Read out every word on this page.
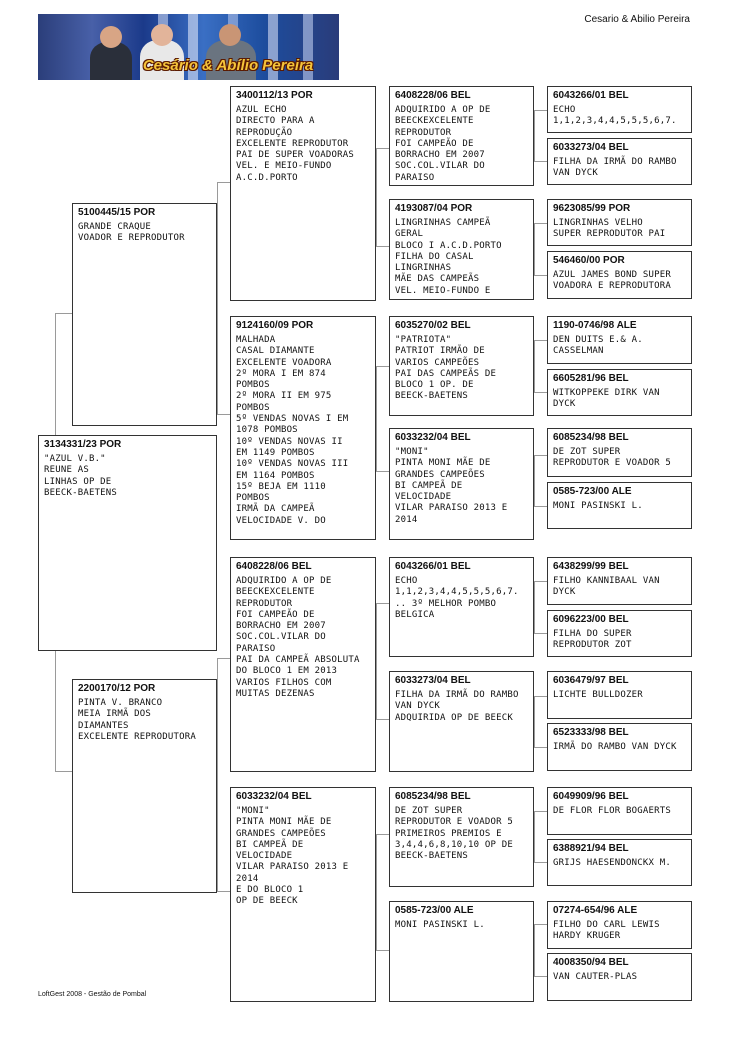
Cesário & Abílio Pereira
Cesario & Abilio Pereira
3134331/23 POR
"AZUL V.B."
REUNE AS
LINHAS OP DE
BEECK-BAETENS
5100445/15 POR
GRANDE CRAQUE
VOADOR E REPRODUTOR
2200170/12 POR
PINTA V. BRANCO
MEIA IRMÃ DOS
DIAMANTES
EXCELENTE REPRODUTORA
3400112/13 POR
AZUL ECHO
DIRECTO PARA A
REPRODUÇÃO
EXCELENTE REPRODUTOR
PAI DE SUPER VOADORAS
VEL. E MEIO-FUNDO
A.C.D.PORTO
9124160/09 POR
MALHADA
CASAL DIAMANTE
EXCELENTE VOADORA
2º MORA I EM 874
POMBOS
2º MORA II EM 975
POMBOS
5º VENDAS NOVAS I EM
1078 POMBOS
10º VENDAS NOVAS II
EM 1149 POMBOS
10º VENDAS NOVAS III
EM 1164 POMBOS
15º BEJA EM 1110
POMBOS
IRMÃ DA CAMPEÃ
VELOCIDADE V. DO
6408228/06 BEL
ADQUIRIDO A OP DE
BEECKEXCELENTE
REPRODUTOR
FOI CAMPEÃO DE
BORRACHO EM 2007
SOC.COL.VILAR DO
PARAISO
PAI DA CAMPEÃ ABSOLUTA
DO BLOCO 1 EM 2013
VARIOS FILHOS COM
MUITAS DEZENAS
6033232/04 BEL
"MONI"
PINTA MONI MÃE DE
GRANDES CAMPEÕES
BI CAMPEÃ DE
VELOCIDADE
VILAR PARAISO 2013 E
2014
E DO BLOCO 1
OP DE BEECK
6408228/06 BEL
ADQUIRIDO A OP DE
BEECKEXCELENTE
REPRODUTOR
FOI CAMPEÃO DE
BORRACHO EM 2007
SOC.COL.VILAR DO
PARAISO
4193087/04 POR
LINGRINHAS CAMPEÃ
GERAL
BLOCO I A.C.D.PORTO
FILHA DO CASAL
LINGRINHAS
MÃE DAS CAMPEÃS
VEL. MEIO-FUNDO E
6035270/02 BEL
"PATRIOTA"
PATRIOT IRMÃO DE
VARIOS CAMPEÕES
PAI DAS CAMPEÃS DE
BLOCO 1 OP. DE
BEECK-BAETENS
6033232/04 BEL
"MONI"
PINTA MONI MÃE DE
GRANDES CAMPEÕES
BI CAMPEÃ DE
VELOCIDADE
VILAR PARAISO 2013 E
2014
6043266/01 BEL
ECHO
1,1,2,3,4,4,5,5,5,6,7.
.. 3º MELHOR POMBO
BELGICA
6033273/04 BEL
FILHA DA IRMÃ DO RAMBO
VAN DYCK
ADQUIRIDA OP DE BEECK
6085234/98 BEL
DE ZOT SUPER
REPRODUTOR E VOADOR 5
PRIMEIROS PREMIOS E
3,4,4,6,8,10,10 OP DE
BEECK-BAETENS
0585-723/00 ALE
MONI PASINSKI L.
6043266/01 BEL
ECHO
1,1,2,3,4,4,5,5,5,6,7.
6033273/04 BEL
FILHA DA IRMÃ DO RAMBO
VAN DYCK
9623085/99 POR
LINGRINHAS VELHO
SUPER REPRODUTOR PAI
546460/00 POR
AZUL JAMES BOND SUPER
VOADORA E REPRODUTORA
1190-0746/98 ALE
DEN DUITS E.& A.
CASSELMAN
6605281/96 BEL
WITKOPPEKE DIRK VAN
DYCK
6085234/98 BEL
DE ZOT SUPER
REPRODUTOR E VOADOR 5
0585-723/00 ALE
MONI PASINSKI L.
6438299/99 BEL
FILHO KANNIBAAL VAN
DYCK
6096223/00 BEL
FILHA DO SUPER
REPRODUTOR ZOT
6036479/97 BEL
LICHTE BULLDOZER
6523333/98 BEL
IRMÃ DO RAMBO VAN DYCK
6049909/96 BEL
DE FLOR FLOR BOGAERTS
6388921/94 BEL
GRIJS HAESENDONCKX M.
07274-654/96 ALE
FILHO DO CARL LEWIS
HARDY KRUGER
4008350/94 BEL
VAN CAUTER-PLAS
LoftGest 2008 - Gestão de Pombal
